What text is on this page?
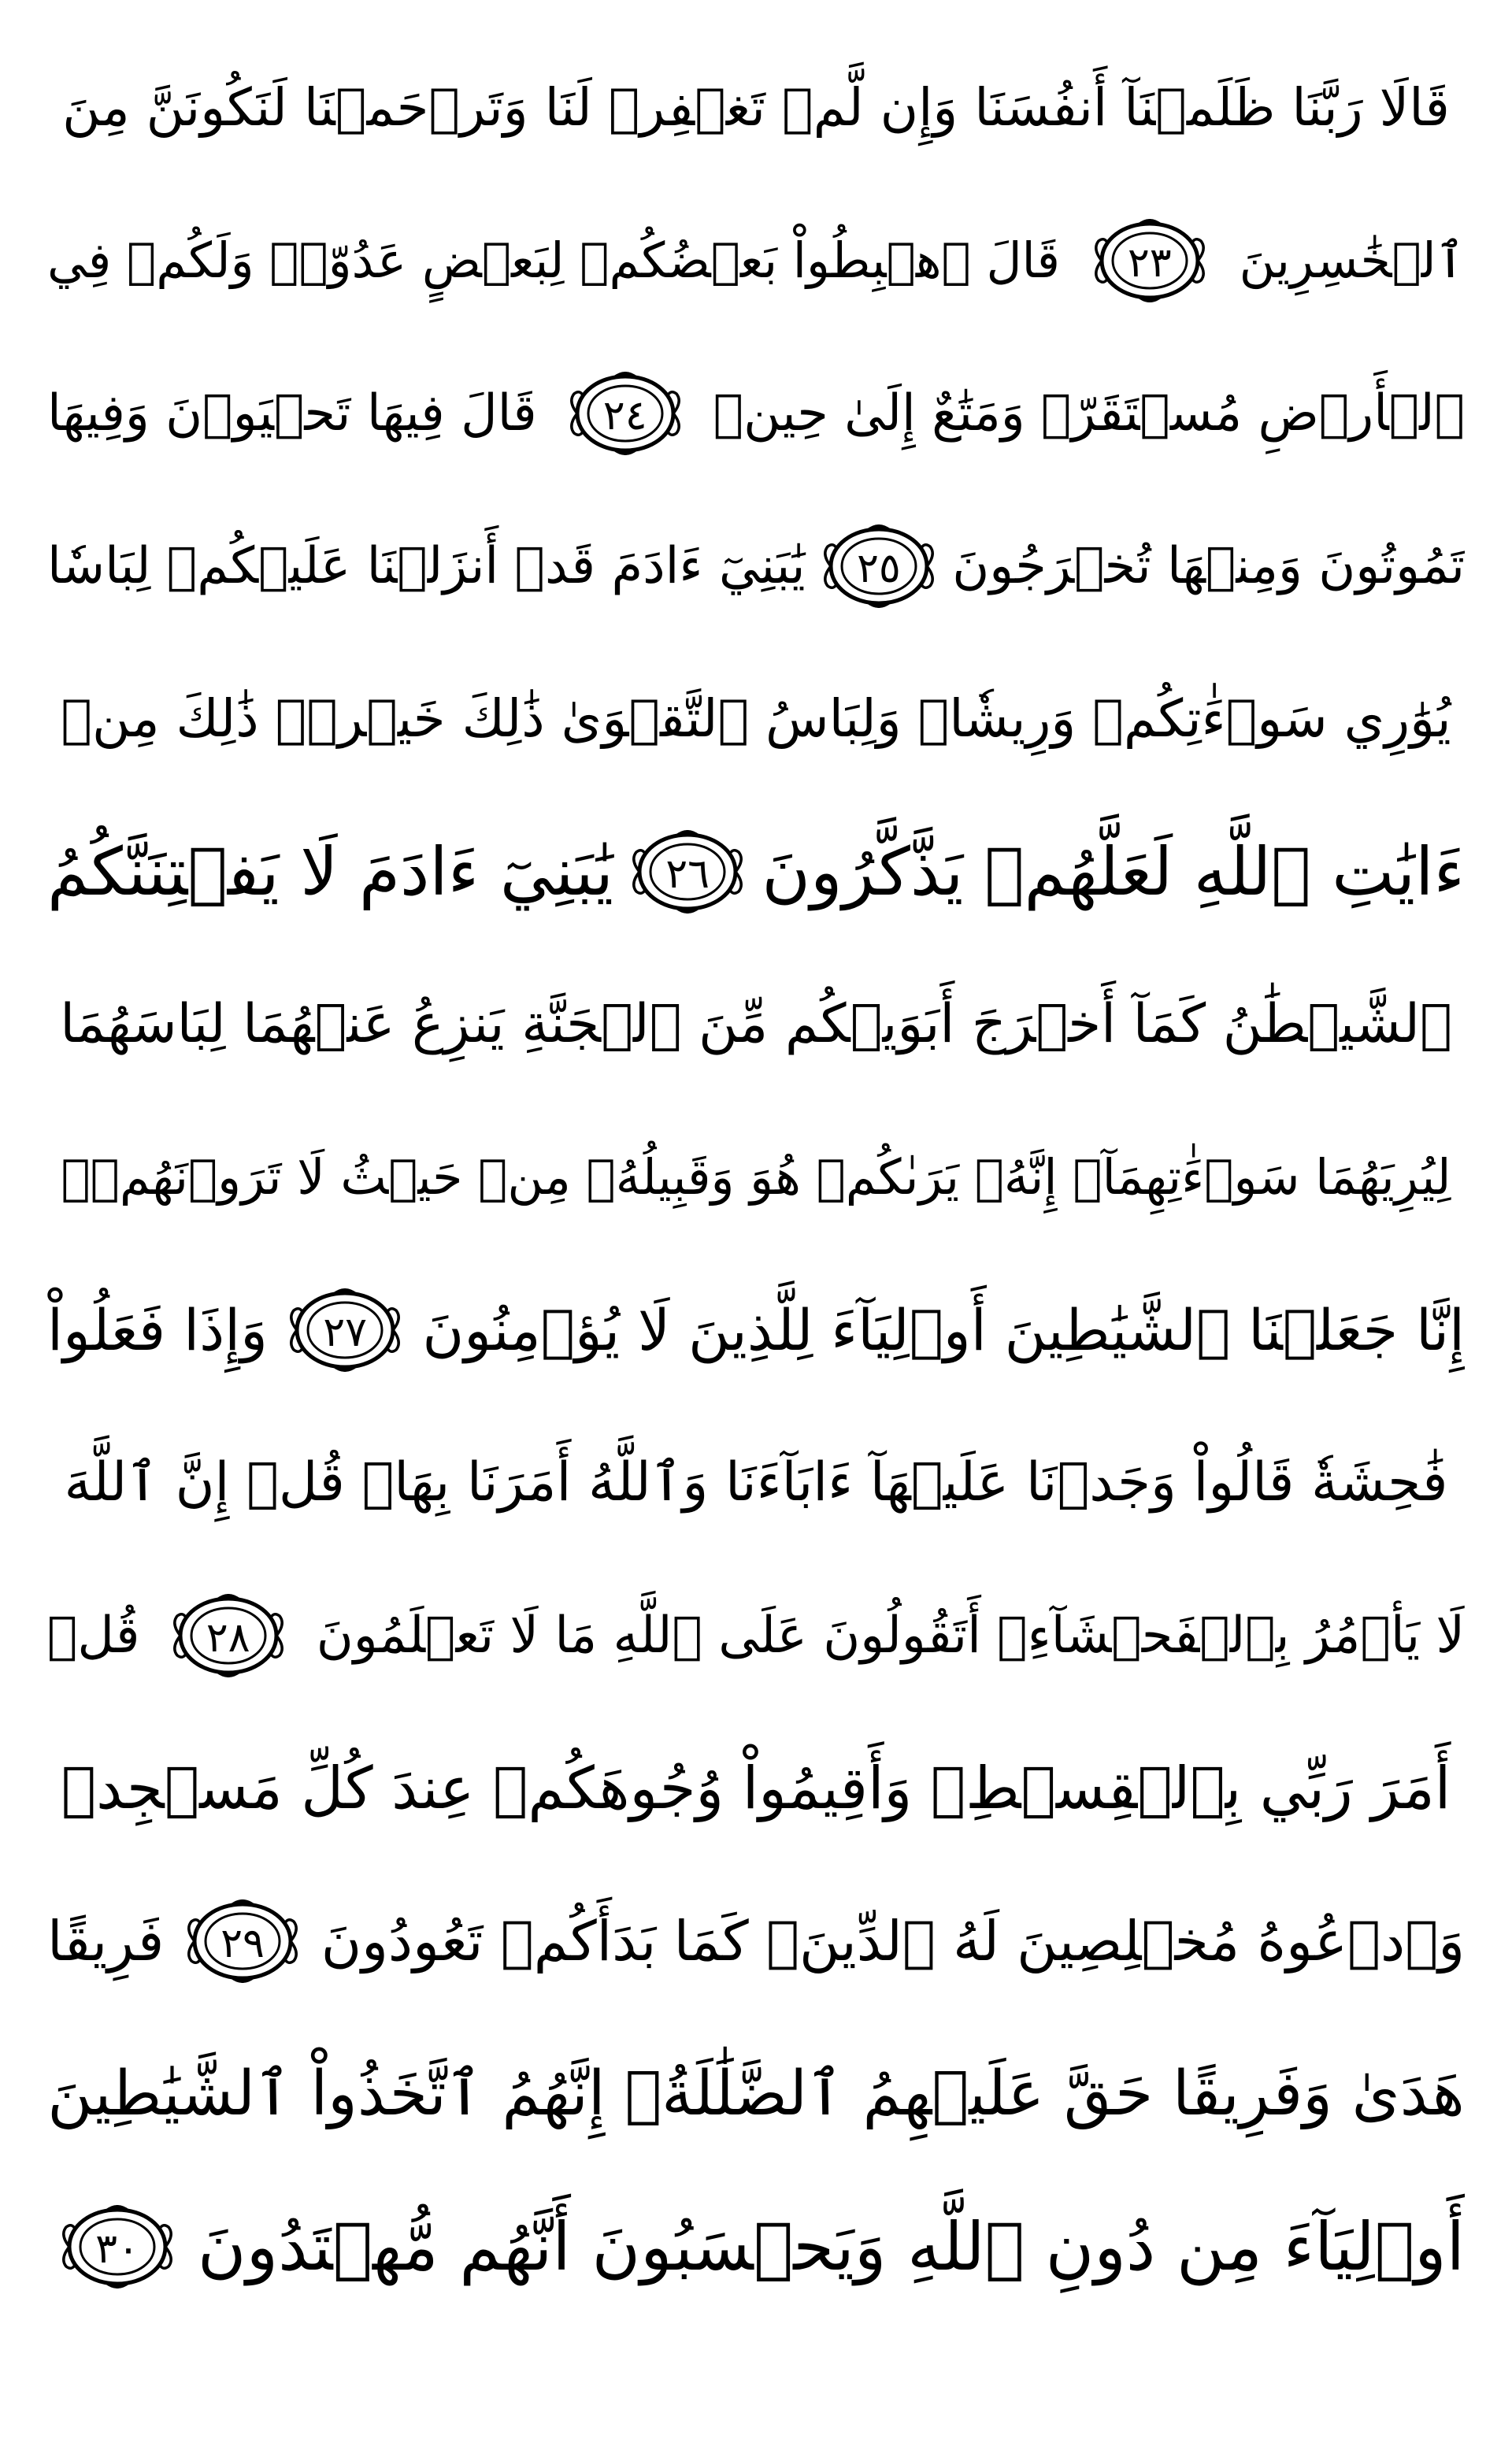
قَالَا رَبَّنَا ظَلَمۡنَآ أَنفُسَنَا وَإِن لَّمۡ تَغۡفِرۡ لَنَا وَتَرۡحَمۡنَا لَنَكُونَنَّ مِنَ
ٱلۡخَٰسِرِينَ
٢٣
قَالَ ٱهۡبِطُواْ بَعۡضُكُمۡ لِبَعۡضٍ عَدُوّٞۖ وَلَكُمۡ فِي
ٱلۡأَرۡضِ مُسۡتَقَرّٞ وَمَتَٰعٌ إِلَىٰ حِينٖ
٢٤
قَالَ فِيهَا تَحۡيَوۡنَ وَفِيهَا
تَمُوتُونَ وَمِنۡهَا تُخۡرَجُونَ
٢٥
يَٰبَنِيٓ ءَادَمَ قَدۡ أَنزَلۡنَا عَلَيۡكُمۡ لِبَاسٗا
يُوَٰرِي سَوۡءَٰتِكُمۡ وَرِيشٗاۖ وَلِبَاسُ ٱلتَّقۡوَىٰ ذَٰلِكَ خَيۡرٞۚ ذَٰلِكَ مِنۡ
ءَايَٰتِ ٱللَّهِ لَعَلَّهُمۡ يَذَّكَّرُونَ
٢٦
يَٰبَنِيٓ ءَادَمَ لَا يَفۡتِنَنَّكُمُ
ٱلشَّيۡطَٰنُ كَمَآ أَخۡرَجَ أَبَوَيۡكُم مِّنَ ٱلۡجَنَّةِ يَنزِعُ عَنۡهُمَا لِبَاسَهُمَا
لِيُرِيَهُمَا سَوۡءَٰتِهِمَآۚ إِنَّهُۥ يَرَىٰكُمۡ هُوَ وَقَبِيلُهُۥ مِنۡ حَيۡثُ لَا تَرَوۡنَهُمۡۗ
إِنَّا جَعَلۡنَا ٱلشَّيَٰطِينَ أَوۡلِيَآءَ لِلَّذِينَ لَا يُؤۡمِنُونَ
٢٧
وَإِذَا فَعَلُواْ
فَٰحِشَةٗ قَالُواْ وَجَدۡنَا عَلَيۡهَآ ءَابَآءَنَا وَٱللَّهُ أَمَرَنَا بِهَاۗ قُلۡ إِنَّ ٱللَّهَ
لَا يَأۡمُرُ بِٱلۡفَحۡشَآءِۖ أَتَقُولُونَ عَلَى ٱللَّهِ مَا لَا تَعۡلَمُونَ
٢٨
قُلۡ
أَمَرَ رَبِّي بِٱلۡقِسۡطِۖ وَأَقِيمُواْ وُجُوهَكُمۡ عِندَ كُلِّ مَسۡجِدٖ
وَٱدۡعُوهُ مُخۡلِصِينَ لَهُ ٱلدِّينَۚ كَمَا بَدَأَكُمۡ تَعُودُونَ
٢٩
فَرِيقًا
هَدَىٰ وَفَرِيقًا حَقَّ عَلَيۡهِمُ ٱلضَّلَٰلَةُۚ إِنَّهُمُ ٱتَّخَذُواْ ٱلشَّيَٰطِينَ
أَوۡلِيَآءَ مِن دُونِ ٱللَّهِ وَيَحۡسَبُونَ أَنَّهُم مُّهۡتَدُونَ
٣٠
